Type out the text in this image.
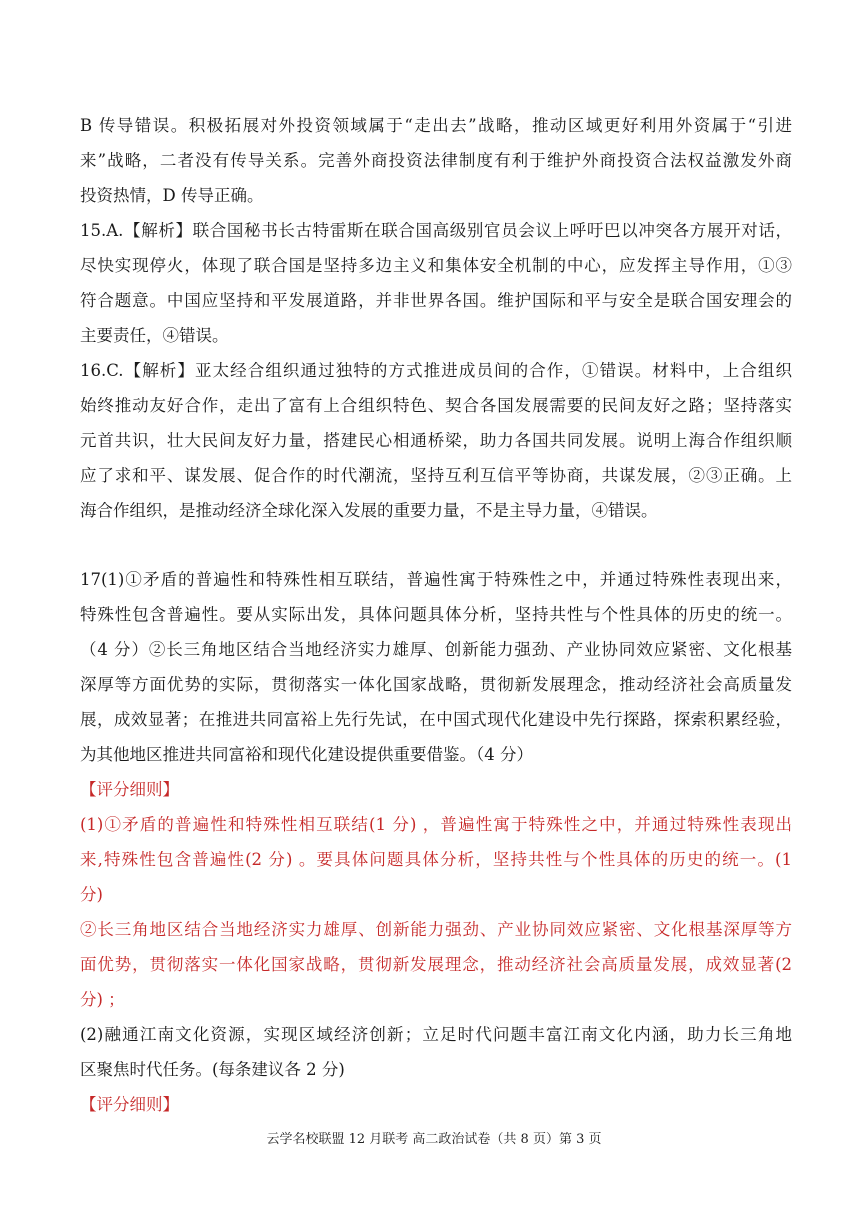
B 传导错误。积极拓展对外投资领域属于“走出去”战略，推动区域更好利用外资属于“引进
来”战略，二者没有传导关系。完善外商投资法律制度有利于维护外商投资合法权益激发外商
投资热情，D 传导正确。
15.A.【解析】联合国秘书长古特雷斯在联合国高级别官员会议上呼吁巴以冲突各方展开对话，
尽快实现停火，体现了联合国是坚持多边主义和集体安全机制的中心，应发挥主导作用，①③
符合题意。中国应坚持和平发展道路，并非世界各国。维护国际和平与安全是联合国安理会的
主要责任，④错误。
16.C.【解析】亚太经合组织通过独特的方式推进成员间的合作，①错误。材料中，上合组织
始终推动友好合作，走出了富有上合组织特色、契合各国发展需要的民间友好之路；坚持落实
元首共识，壮大民间友好力量，搭建民心相通桥梁，助力各国共同发展。说明上海合作组织顺
应了求和平、谋发展、促合作的时代潮流，坚持互利互信平等协商，共谋发展，②③正确。上
海合作组织，是推动经济全球化深入发展的重要力量，不是主导力量，④错误。
17(1)①矛盾的普遍性和特殊性相互联结，普遍性寓于特殊性之中，并通过特殊性表现出来，
特殊性包含普遍性。要从实际出发，具体问题具体分析，坚持共性与个性具体的历史的统一。
（4 分）②长三角地区结合当地经济实力雄厚、创新能力强劲、产业协同效应紧密、文化根基
深厚等方面优势的实际，贯彻落实一体化国家战略，贯彻新发展理念，推动经济社会高质量发
展，成效显著；在推进共同富裕上先行先试，在中国式现代化建设中先行探路，探索积累经验，
为其他地区推进共同富裕和现代化建设提供重要借鉴。（4 分）
【评分细则】
(1)①矛盾的普遍性和特殊性相互联结(1 分) ，普遍性寓于特殊性之中，并通过特殊性表现出
来,特殊性包含普遍性(2 分) 。要具体问题具体分析，坚持共性与个性具体的历史的统一。(1
分)
②长三角地区结合当地经济实力雄厚、创新能力强劲、产业协同效应紧密、文化根基深厚等方
面优势，贯彻落实一体化国家战略，贯彻新发展理念，推动经济社会高质量发展，成效显著(2
分) ；
(2)融通江南文化资源，实现区域经济创新；立足时代问题丰富江南文化内涵，助力长三角地
区聚焦时代任务。(每条建议各 2 分)
【评分细则】
云学名校联盟 12 月联考 高二政治试卷（共 8 页）第 3 页
